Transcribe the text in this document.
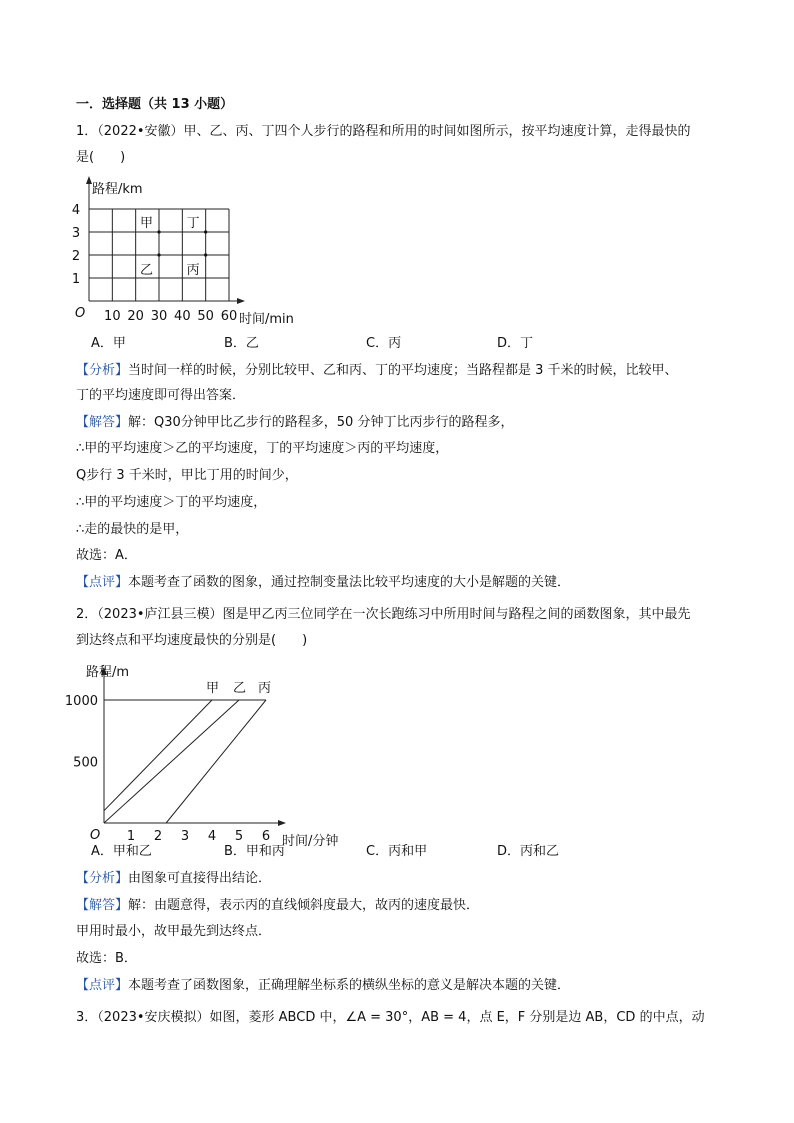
一．选择题（共 13 小题）
1．（2022•安徽）甲、乙、丙、丁四个人步行的路程和所用的时间如图所示，按平均速度计算，走得最快的
是(　　)
路程/km
时间/min
O 10 20 30 40 50 60
1
2
3
4
甲
乙	丙
丁
A．甲	B．乙	C．丙	D．丁
【分析】当时间一样的时候，分别比较甲、乙和丙、丁的平均速度；当路程都是 3 千米的时候，比较甲、
丁的平均速度即可得出答案．
【解答】解：Q30分钟甲比乙步行的路程多，50 分钟丁比丙步行的路程多，
∴甲的平均速度＞乙的平均速度，丁的平均速度＞丙的平均速度，
Q步行 3 千米时，甲比丁用的时间少，
∴甲的平均速度＞丁的平均速度，
∴走的最快的是甲，
故选：A．
【点评】本题考查了函数的图象，通过控制变量法比较平均速度的大小是解题的关键．
2．（2023•庐江县三模）图是甲乙丙三位同学在一次长跑练习中所用时间与路程之间的函数图象，其中最先
到达终点和平均速度最快的分别是(　　)
路程/m
时间/分钟
O 1 2 3 4 5 6
500
1000
甲 乙 丙
A．甲和乙	B．甲和丙	C．丙和甲	D．丙和乙
【分析】由图象可直接得出结论．
【解答】解：由题意得，表示丙的直线倾斜度最大，故丙的速度最快．
甲用时最小，故甲最先到达终点．
故选：B．
【点评】本题考查了函数图象，正确理解坐标系的横纵坐标的意义是解决本题的关键．
3．（2023•安庆模拟）如图，菱形 ABCD 中，∠A = 30°，AB = 4，点 E，F 分别是边 AB，CD 的中点，动
